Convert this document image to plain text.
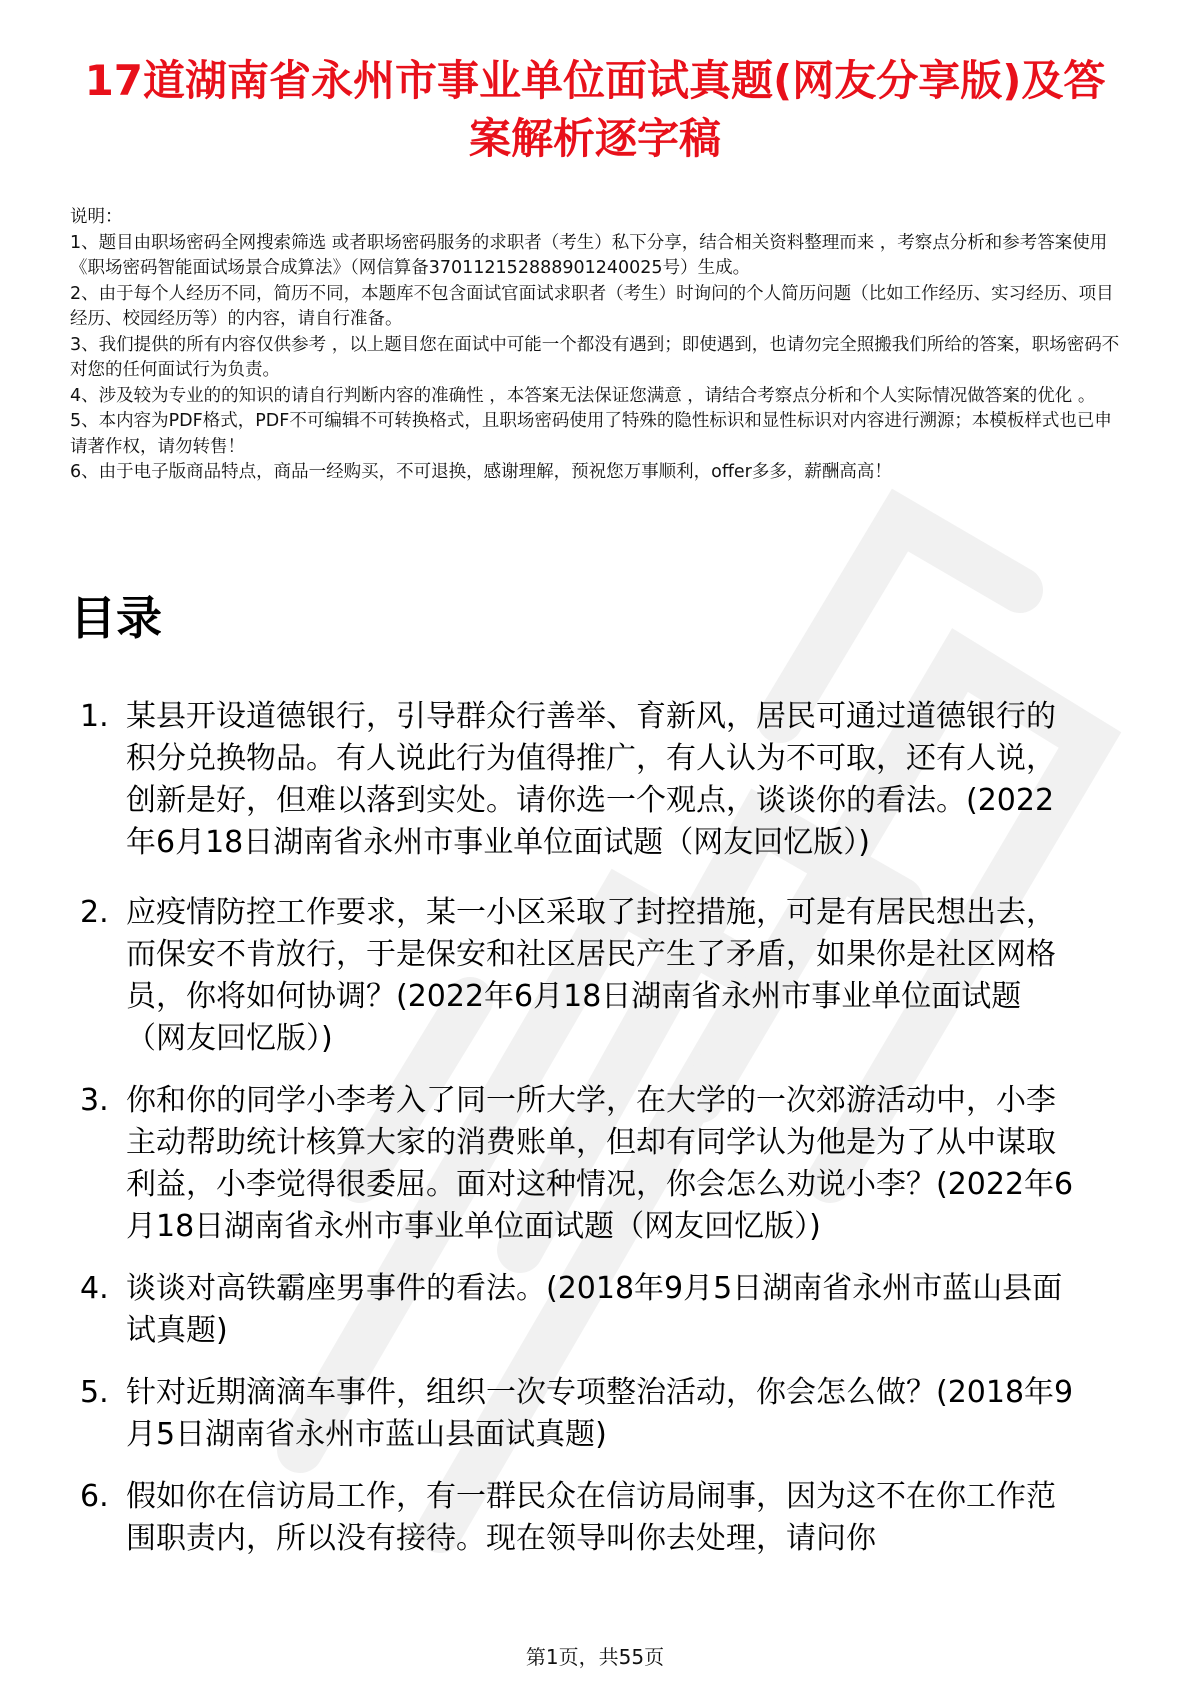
17道湖南省永州市事业单位面试真题(网友分享版)及答案解析逐字稿

说明：

1、题目由职场密码全网搜索筛选 或者职场密码服务的求职者（考生）私下分享，结合相关资料整理而来 ，考察点分析和参考答案使用《职场密码智能面试场景合成算法》（网信算备370112152888901240025号）生成。

2、由于每个人经历不同，简历不同，本题库不包含面试官面试求职者（考生）时询问的个人简历问题（比如工作经历、实习经历、项目经历、校园经历等）的内容，请自行准备。

3、我们提供的所有内容仅供参考 ，以上题目您在面试中可能一个都没有遇到；即使遇到，也请勿完全照搬我们所给的答案，职场密码不对您的任何面试行为负责。

4、涉及较为专业的的知识的请自行判断内容的准确性 ，本答案无法保证您满意 ，请结合考察点分析和个人实际情况做答案的优化 。

5、本内容为PDF格式，PDF不可编辑不可转换格式，且职场密码使用了特殊的隐性标识和显性标识对内容进行溯源；本模板样式也已申请著作权，请勿转售！

6、由于电子版商品特点，商品一经购买，不可退换，感谢理解，预祝您万事顺利，offer多多，薪酬高高！

目录
1. 某县开设道德银行，引导群众行善举、育新风，居民可通过道德银行的积分兑换物品。有人说此行为值得推广，有人认为不可取，还有人说，创新是好，但难以落到实处。请你选一个观点，谈谈你的看法。(2022年6月18日湖南省永州市事业单位面试题（网友回忆版）)
2. 应疫情防控工作要求，某一小区采取了封控措施，可是有居民想出去，而保安不肯放行，于是保安和社区居民产生了矛盾，如果你是社区网格员，你将如何协调？(2022年6月18日湖南省永州市事业单位面试题（网友回忆版）)
3. 你和你的同学小李考入了同一所大学，在大学的一次郊游活动中，小李主动帮助统计核算大家的消费账单，但却有同学认为他是为了从中谋取利益，小李觉得很委屈。面对这种情况，你会怎么劝说小李？(2022年6月18日湖南省永州市事业单位面试题（网友回忆版）)
4. 谈谈对高铁霸座男事件的看法。(2018年9月5日湖南省永州市蓝山县面试真题)
5. 针对近期滴滴车事件，组织一次专项整治活动，你会怎么做？(2018年9月5日湖南省永州市蓝山县面试真题)
6. 假如你在信访局工作，有一群民众在信访局闹事，因为这不在你工作范围职责内，所以没有接待。现在领导叫你去处理，请问你
第1页，共55页
